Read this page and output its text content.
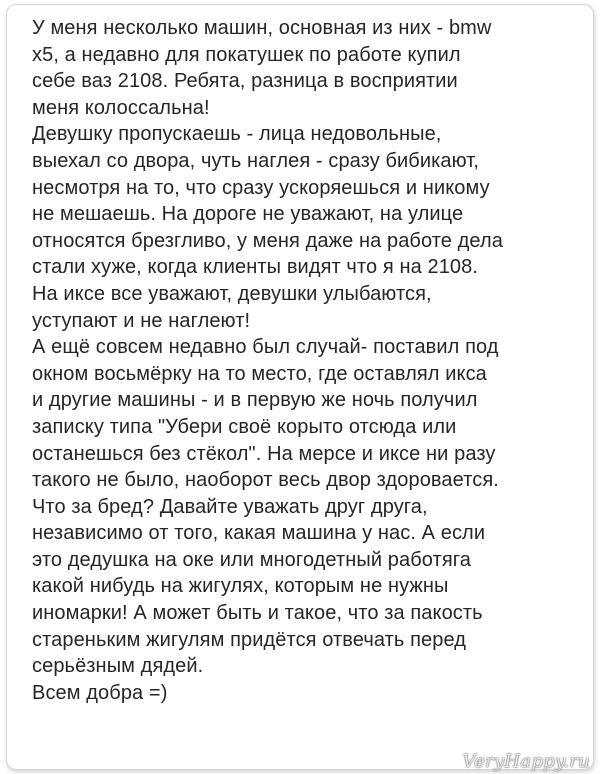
У меня несколько машин, основная из них - bmw
x5, а недавно для покатушек по работе купил
себе ваз 2108. Ребята, разница в восприятии
меня колоссальна!
Девушку пропускаешь - лица недовольные,
выехал со двора, чуть наглея - сразу бибикают,
несмотря на то, что сразу ускоряешься и никому
не мешаешь. На дороге не уважают, на улице
относятся брезгливо, у меня даже на работе дела
стали хуже, когда клиенты видят что я на 2108.
На иксе все уважают, девушки улыбаются,
уступают и не наглеют!
А ещё совсем недавно был случай- поставил под
окном восьмёрку на то место, где оставлял икса
и другие машины - и в первую же ночь получил
записку типа "Убери своё корыто отсюда или
останешься без стёкол". На мерсе и иксе ни разу
такого не было, наоборот весь двор здоровается.
Что за бред? Давайте уважать друг друга,
независимо от того, какая машина у нас. А если
это дедушка на оке или многодетный работяга
какой нибудь на жигулях, которым не нужны
иномарки! А может быть и такое, что за пакость
стареньким жигулям придётся отвечать перед
серьёзным дядей.
Всем добра =)
VeryHappy.ru
